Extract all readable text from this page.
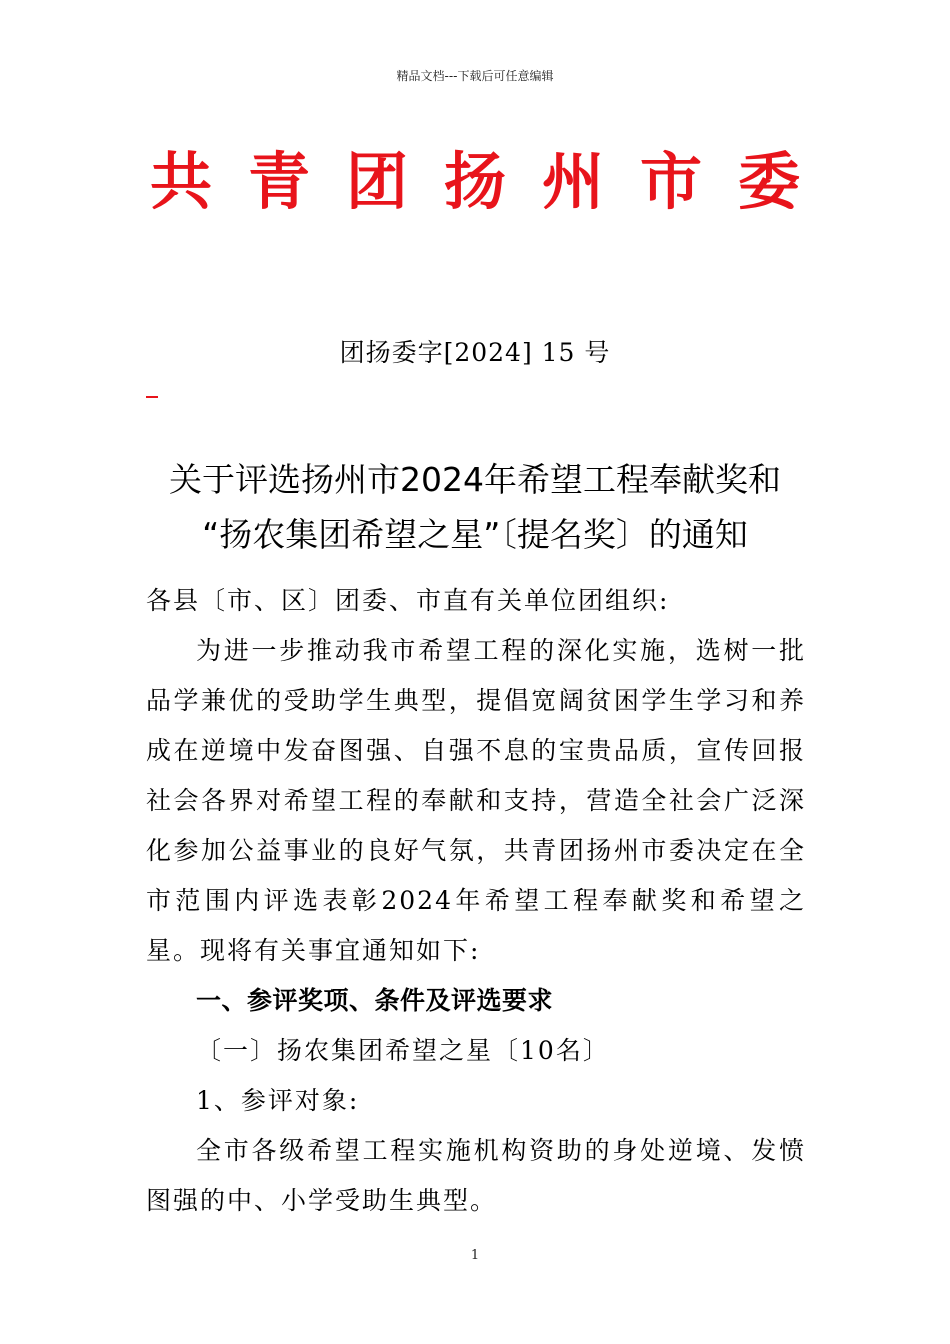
精品文档---下载后可任意编辑
共青团扬州市委
团扬委字[2024] 15 号
关于评选扬州市2024年希望工程奉献奖和
“扬农集团希望之星”〔提名奖〕的通知

各县〔市、区〕团委、市直有关单位团组织:

为进一步推动我市希望工程的深化实施，选树一批品学兼优的受助学生典型，提倡宽阔贫困学生学习和养成在逆境中发奋图强、自强不息的宝贵品质，宣传回报社会各界对希望工程的奉献和支持，营造全社会广泛深化参加公益事业的良好气氛，共青团扬州市委决定在全市范围内评选表彰2024年希望工程奉献奖和希望之星。现将有关事宜通知如下:

一、参评奖项、条件及评选要求

〔一〕扬农集团希望之星〔10名〕

1、参评对象:

全市各级希望工程实施机构资助的身处逆境、发愤图强的中、小学受助生典型。

1
